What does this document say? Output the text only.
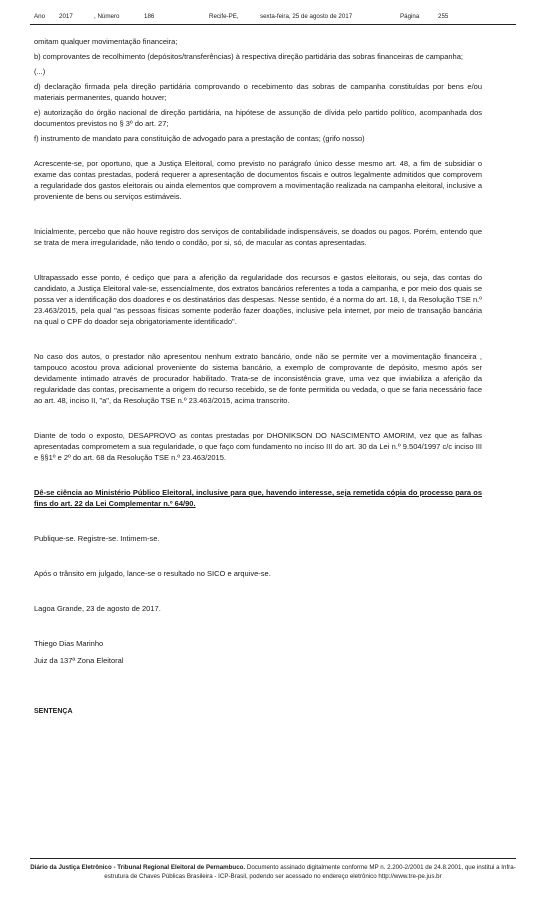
Ano 2017	, Número	186	Recife-PE,	sexta-feira, 25 de agosto de 2017	Página	255

omitam qualquer movimentação financeira;

b) comprovantes de recolhimento (depósitos/transferências) à respectiva direção partidária das sobras financeiras de campanha;

(...)

d) declaração firmada pela direção partidária comprovando o recebimento das sobras de campanha constituídas por bens e/ou materiais permanentes, quando houver;

e) autorização do órgão nacional de direção partidária, na hipótese de assunção de dívida pelo partido político, acompanhada dos documentos previstos no § 3º do art. 27;

f) instrumento de mandato para constituição de advogado para a prestação de contas; (grifo nosso)

Acrescente-se, por oportuno, que a Justiça Eleitoral, como previsto no parágrafo único desse mesmo art. 48, a fim de subsidiar o exame das contas prestadas, poderá requerer a apresentação de documentos fiscais e outros legalmente admitidos que comprovem a regularidade dos gastos eleitorais ou ainda elementos que comprovem a movimentação realizada na campanha eleitoral, inclusive a proveniente de bens ou serviços estimáveis.

Inicialmente, percebo que não houve registro dos serviços de contabilidade indispensáveis, se doados ou pagos. Porém, entendo que se trata de mera irregularidade, não tendo o condão, por si, só, de macular as contas apresentadas.

Ultrapassado esse ponto, é cediço que para a aferição da regularidade dos recursos e gastos eleitorais, ou seja, das contas do candidato, a Justiça Eleitoral vale-se, essencialmente, dos extratos bancários referentes a toda a campanha, e por meio dos quais se possa ver a identificação dos doadores e os destinatários das despesas. Nesse sentido, é a norma do art. 18, I, da Resolução TSE n.º 23.463/2015, pela qual "as pessoas físicas somente poderão fazer doações, inclusive pela internet, por meio de transação bancária na qual o CPF do doador seja obrigatoriamente identificado".

No caso dos autos, o prestador não apresentou nenhum extrato bancário, onde não se permite ver a movimentação financeira , tampouco acostou prova adicional proveniente do sistema bancário, a exemplo de comprovante de depósito, mesmo após ser devidamente intimado através de procurador habilitado. Trata-se de inconsistência grave, uma vez que inviabiliza a aferição da regularidade das contas, precisamente a origem do recurso recebido, se de fonte permitida ou vedada, o que se faria necessário face ao art. 48, inciso II, "a", da Resolução TSE n.º 23.463/2015, acima transcrito.

Diante de todo o exposto, DESAPROVO as contas prestadas por DHONIKSON DO NASCIMENTO AMORIM, vez que as falhas apresentadas comprometem a sua regularidade, o que faço com fundamento no inciso III do art. 30 da Lei n.º 9.504/1997 c/c inciso III e §§1º e 2º do art. 68 da Resolução TSE n.º 23.463/2015.

Dê-se ciência ao Ministério Público Eleitoral, inclusive para que, havendo interesse, seja remetida cópia do processo para os fins do art. 22 da Lei Complementar n.º 64/90.

Publique-se. Registre-se. Intimem-se.

Após o trânsito em julgado, lance-se o resultado no SICO e arquive-se.

Lagoa Grande, 23 de agosto de 2017.

Thiego Dias Marinho

Juiz da 137ª Zona Eleitoral

SENTENÇA

Diário da Justiça Eletrônico - Tribunal Regional Eleitoral de Pernambuco. Documento assinado digitalmente conforme MP n. 2.200-2/2001 de 24.8.2001, que institui a Infra-estrutura de Chaves Públicas Brasileira - ICP-Brasil, podendo ser acessado no endereço eletrônico http://www.tre-pe.jus.br
